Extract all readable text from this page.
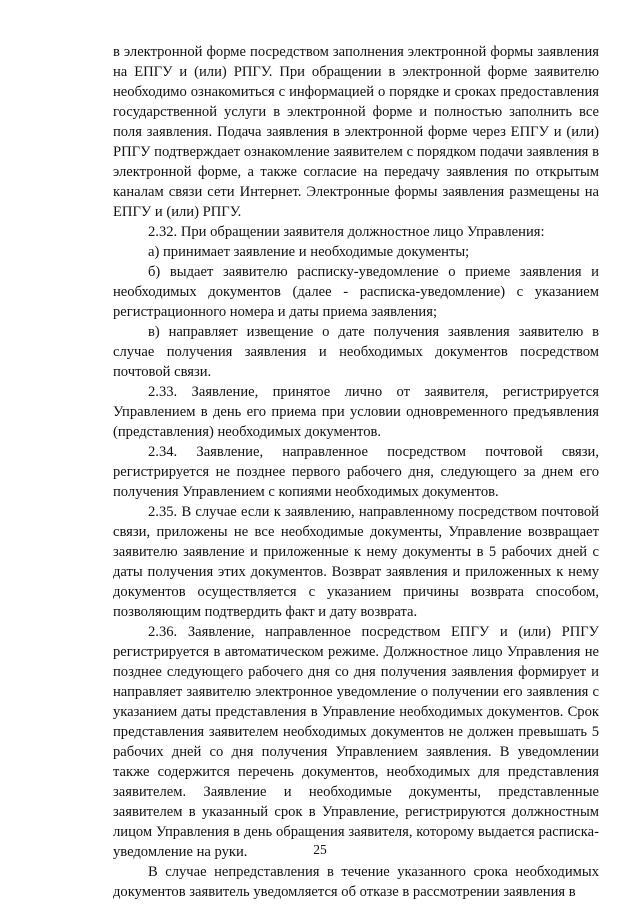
в электронной форме посредством заполнения электронной формы заявления на ЕПГУ и (или) РПГУ. При обращении в электронной форме заявителю необходимо ознакомиться с информацией о порядке и сроках предоставления государственной услуги в электронной форме и полностью заполнить все поля заявления. Подача заявления в электронной форме через ЕПГУ и (или) РПГУ подтверждает ознакомление заявителем с порядком подачи заявления в электронной форме, а также согласие на передачу заявления по открытым каналам связи сети Интернет. Электронные формы заявления размещены на ЕПГУ и (или) РПГУ.

2.32. При обращении заявителя должностное лицо Управления:

а) принимает заявление и необходимые документы;

б) выдает заявителю расписку-уведомление о приеме заявления и необходимых документов (далее - расписка-уведомление) с указанием регистрационного номера и даты приема заявления;

в) направляет извещение о дате получения заявления заявителю в случае получения заявления и необходимых документов посредством почтовой связи.

2.33. Заявление, принятое лично от заявителя, регистрируется Управлением в день его приема при условии одновременного предъявления (представления) необходимых документов.

2.34. Заявление, направленное посредством почтовой связи, регистрируется не позднее первого рабочего дня, следующего за днем его получения Управлением с копиями необходимых документов.

2.35. В случае если к заявлению, направленному посредством почтовой связи, приложены не все необходимые документы, Управление возвращает заявителю заявление и приложенные к нему документы в 5 рабочих дней с даты получения этих документов. Возврат заявления и приложенных к нему документов осуществляется с указанием причины возврата способом, позволяющим подтвердить факт и дату возврата.

2.36. Заявление, направленное посредством ЕПГУ и (или) РПГУ регистрируется в автоматическом режиме. Должностное лицо Управления не позднее следующего рабочего дня со дня получения заявления формирует и направляет заявителю электронное уведомление о получении его заявления с указанием даты представления в Управление необходимых документов. Срок представления заявителем необходимых документов не должен превышать 5 рабочих дней со дня получения Управлением заявления. В уведомлении также содержится перечень документов, необходимых для представления заявителем. Заявление и необходимые документы, представленные заявителем в указанный срок в Управление, регистрируются должностным лицом Управления в день обращения заявителя, которому выдается расписка-уведомление на руки.

В случае непредставления в течение указанного срока необходимых документов заявитель уведомляется об отказе в рассмотрении заявления в

25
